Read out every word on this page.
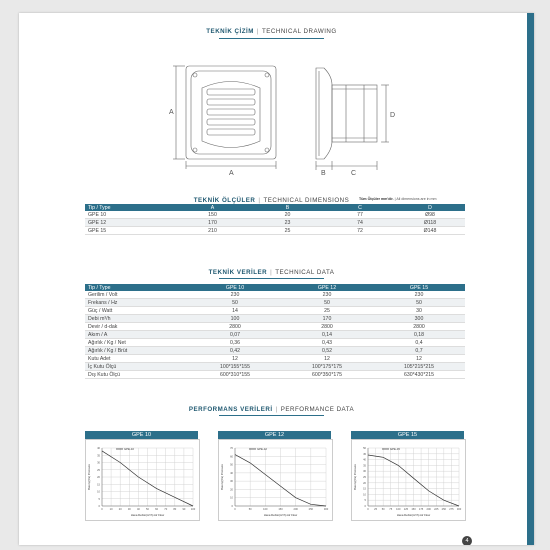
TEKNİK ÇİZİM | TECHNICAL DRAWING
A
A	B	C
D
TEKNİK ÖLÇÜLER | TECHNICAL DIMENSIONS	Tüm Ölçüler mm'dir. | All dimensions are in mm
Tip / Type	A	B	C	D
GPE 10	150	20	77	Ø98
GPE 12	170	23	74	Ø118
GPE 15	210	25	72	Ø148
TEKNİK VERİLER | TECHNICAL DATA
Tip / Type	GPE 10	GPE 12	GPE 15
Gerilim / Volt	230	230	230
Frekans / Hz	50	50	50
Güç / Watt	14	25	30
Debi m³/h	100	170	300
Devir / d-dak	2800	2800	2800
Akım / A	0,07	0,14	0,18
Ağırlık / Kg / Net	0,36	0,43	0,4
Ağırlık / Kg / Brüt	0,42	0,52	0,7
Kutu Adet	12	12	12
İç Kutu Ölçü	100*155*155	100*175*175	105*215*215
Dış Kutu Ölçü	600*310*155	600*350*175	630*430*215
PERFORMANS VERİLERİ | PERFORMANCE DATA
GPE 10
0
5
10
15
20
25
30
35
40
0	10 20 30 40 50 60 70 80 90 100
Hava Debisi(m³/h) Air Flow
Basınç(Pa) Pressure
GPE-10
GPE 12
0
10
20
30
40
50
60
70
0	50	100	150	200	250	300
Hava Debisi(m³/h) Air Flow
Basınç(Pa) Pressure
GPE-12
GPE 15
0
5
10
15
20
25
30
35
40
45
50
0 25 50 75 100 125 150 175 200 225 250 275 300
Hava Debisi(m³/h) Air Flow
Basınç(Pa) Pressure
GPE-15
4
